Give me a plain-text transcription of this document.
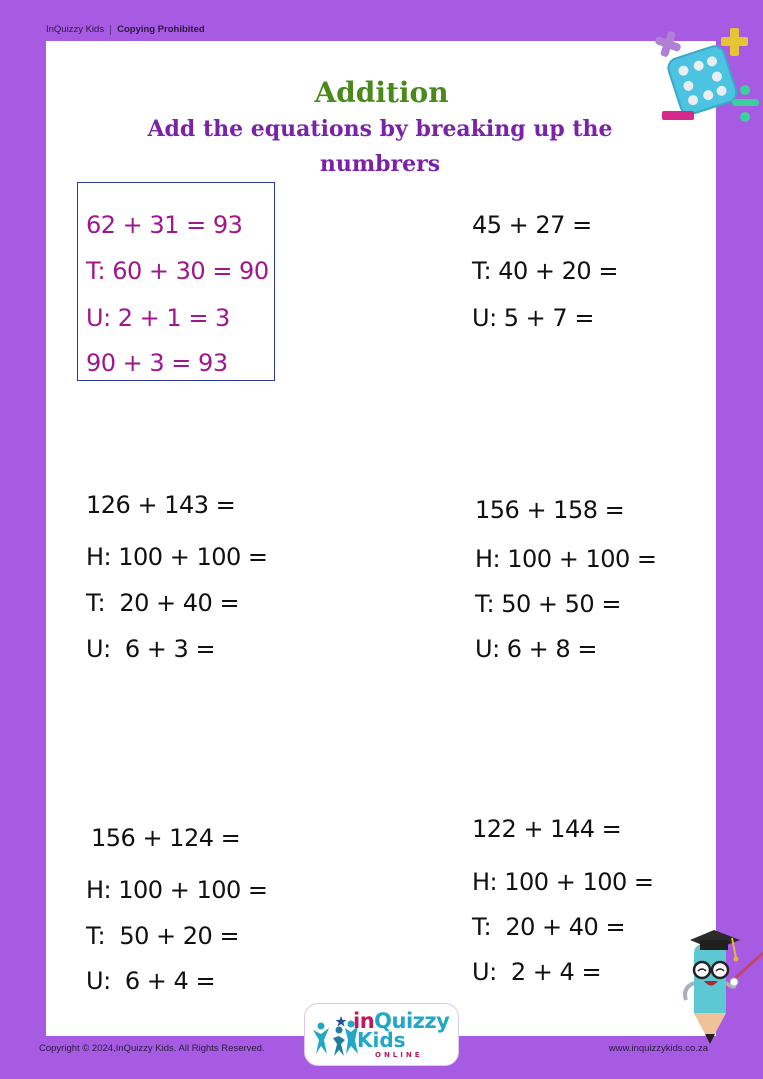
InQuizzy Kids Copying Prohibited
Addition
Add the equations by breaking up the numbrers
62 + 31 = 93
T: 60 + 30 = 90
U: 2 + 1 = 3
90 + 3 = 93
45 + 27 =
T: 40 + 20 =
U: 5 + 7 =
126 + 143 =
H: 100 + 100 =
T:  20 + 40 =
U:  6 + 3 =
156 + 158 =
H: 100 + 100 =
T: 50 + 50 =
U: 6 + 8 =
156 + 124 =
H: 100 + 100 =
T:  50 + 20 =
U:  6 + 4 =
122 + 144 =
H: 100 + 100 =
T:  20 + 40 =
U:  2 + 4 =
Copyright © 2024,InQuizzy Kids. All Rights Reserved.	www.inquizzykids.co.za
inQuizzy
Kids
ONLINE
